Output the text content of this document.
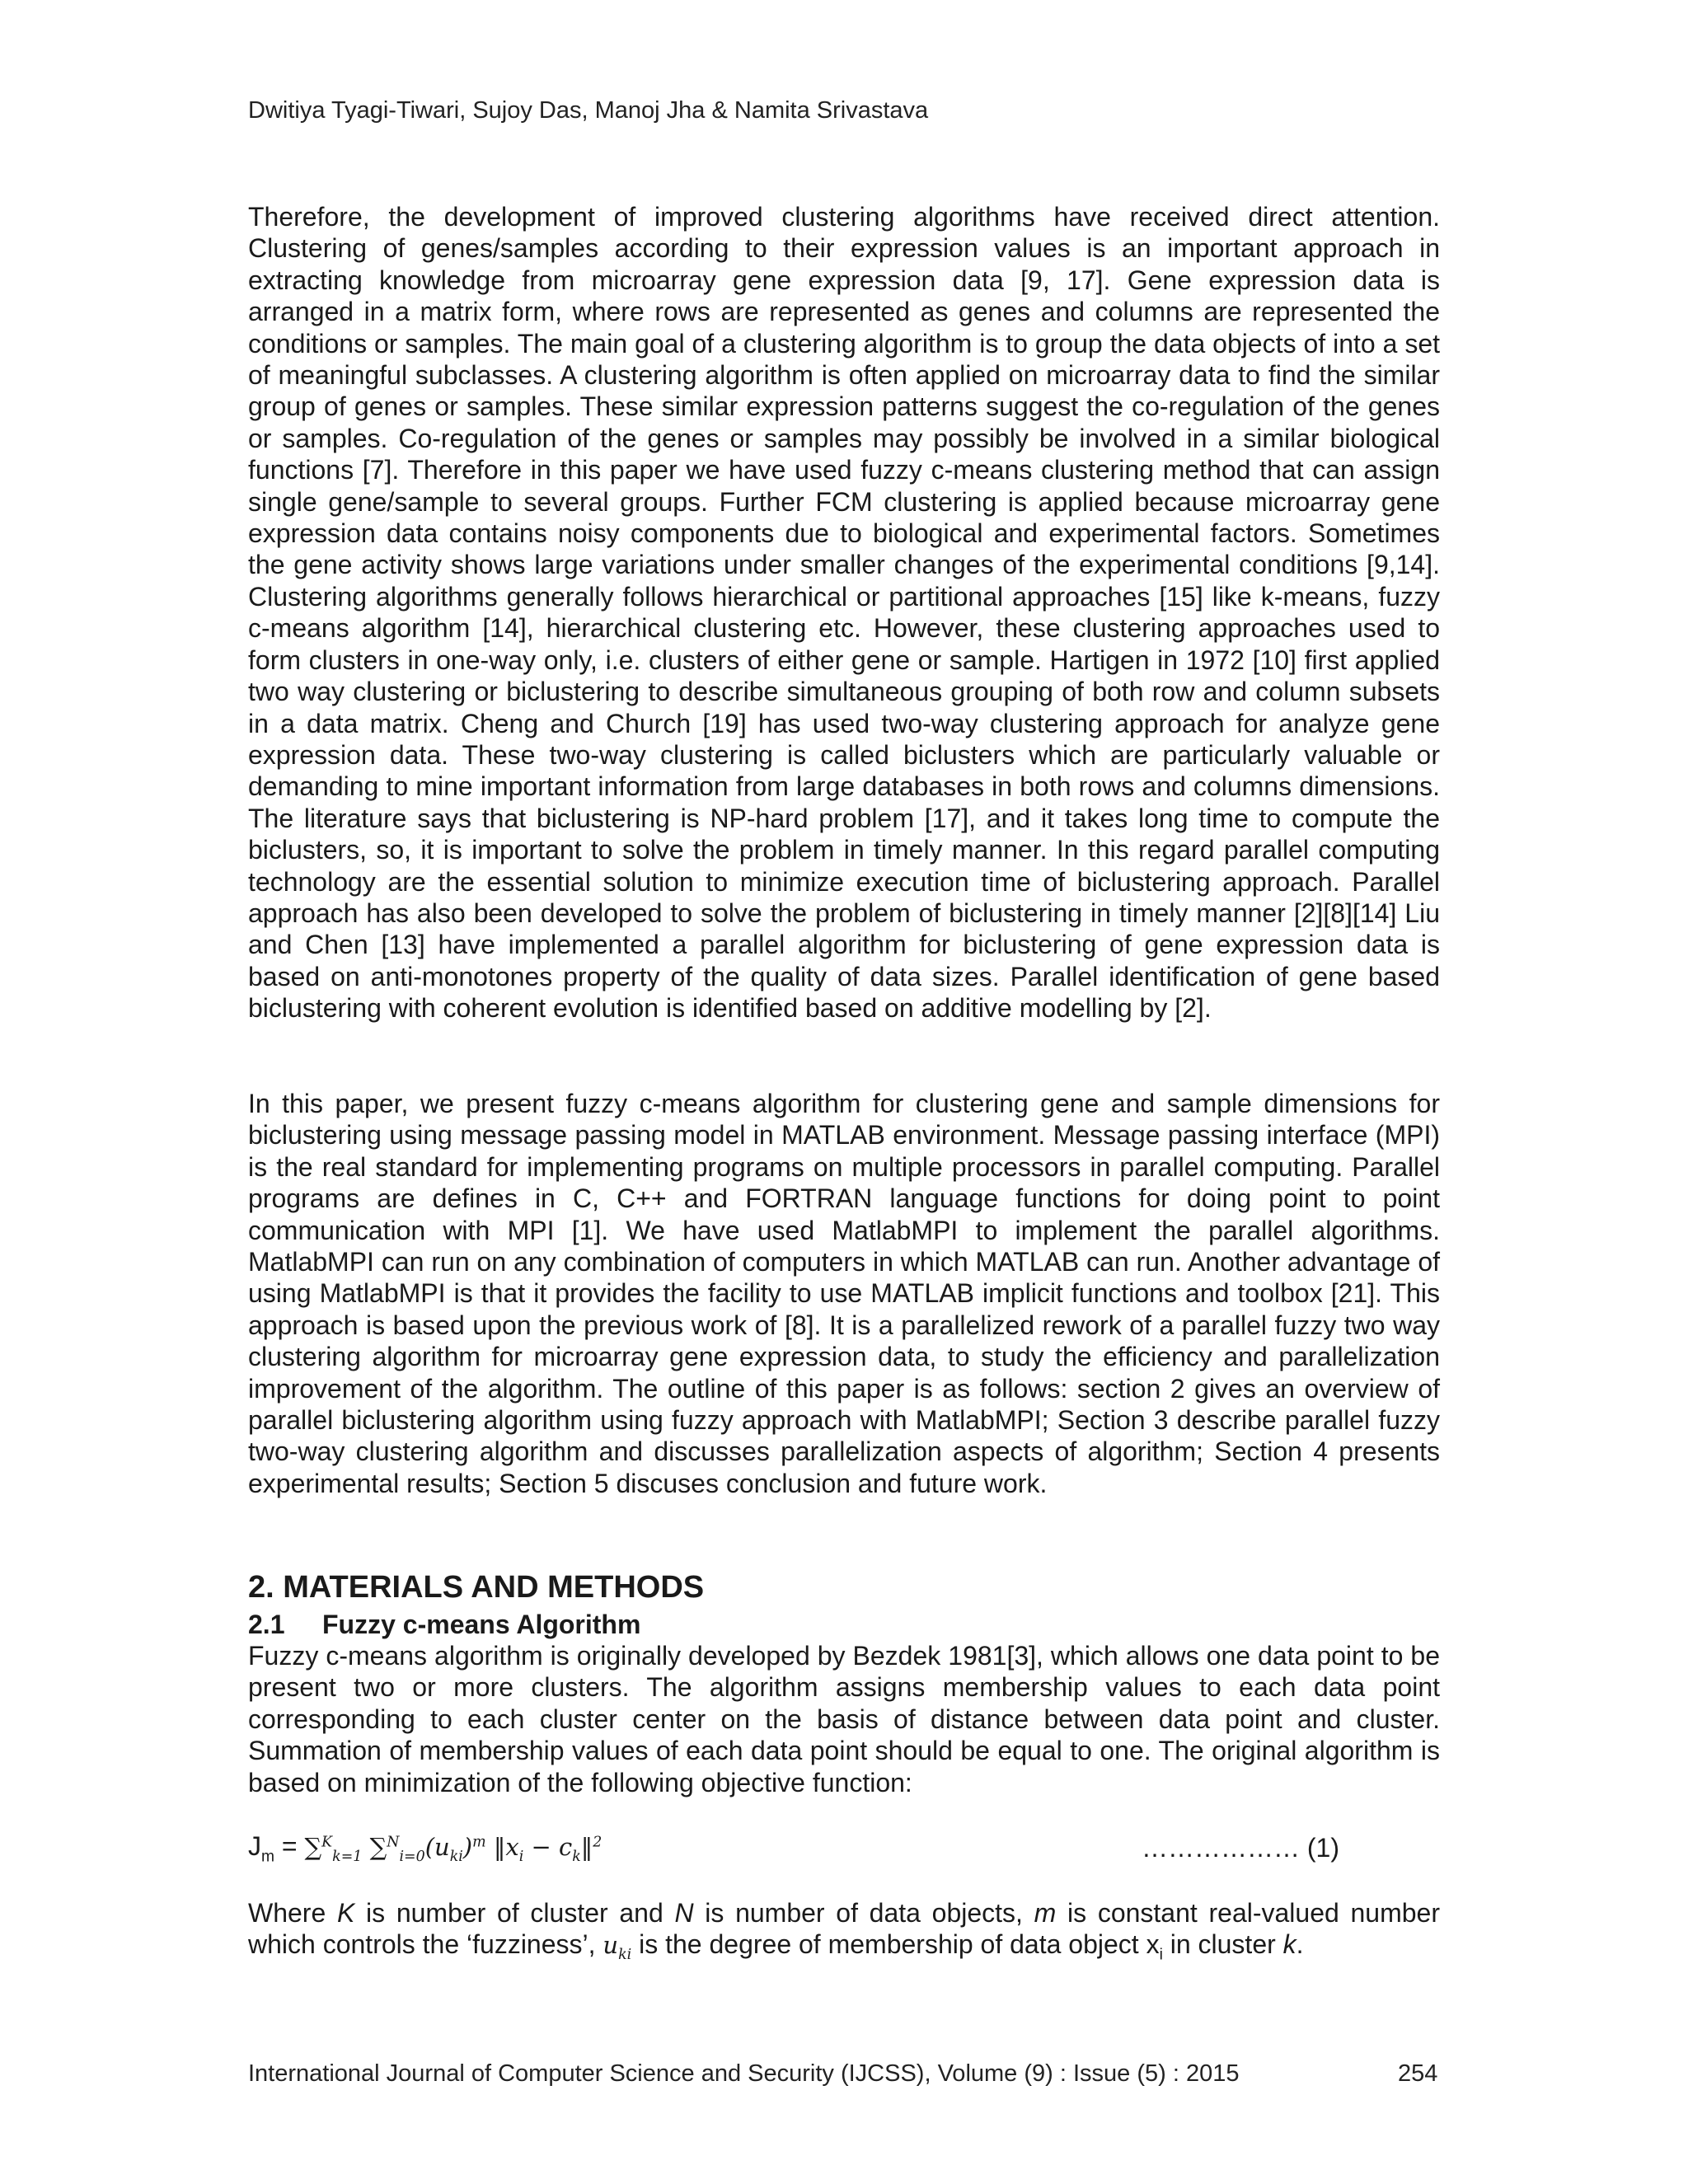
Dwitiya Tyagi-Tiwari, Sujoy Das, Manoj Jha & Namita Srivastava

Therefore, the development of improved clustering algorithms have received direct attention. Clustering of genes/samples according to their expression values is an important approach in extracting knowledge from microarray gene expression data [9, 17]. Gene expression data is arranged in a matrix form, where rows are represented as genes and columns are represented the conditions or samples. The main goal of a clustering algorithm is to group the data objects of into a set of meaningful subclasses. A clustering algorithm is often applied on microarray data to find the similar group of genes or samples. These similar expression patterns suggest the co-regulation of the genes or samples. Co-regulation of the genes or samples may possibly be involved in a similar biological functions [7]. Therefore in this paper we have used fuzzy c-means clustering method that can assign single gene/sample to several groups. Further FCM clustering is applied because microarray gene expression data contains noisy components due to biological and experimental factors. Sometimes the gene activity shows large variations under smaller changes of the experimental conditions [9,14]. Clustering algorithms generally follows hierarchical or partitional approaches [15] like k-means, fuzzy c-means algorithm [14], hierarchical clustering etc. However, these clustering approaches used to form clusters in one-way only, i.e. clusters of either gene or sample. Hartigen in 1972 [10] first applied two way clustering or biclustering to describe simultaneous grouping of both row and column subsets in a data matrix. Cheng and Church [19] has used two-way clustering approach for analyze gene expression data. These two-way clustering is called biclusters which are particularly valuable or demanding to mine important information from large databases in both rows and columns dimensions. The literature says that biclustering is NP-hard problem [17], and it takes long time to compute the biclusters, so, it is important to solve the problem in timely manner. In this regard parallel computing technology are the essential solution to minimize execution time of biclustering approach. Parallel approach has also been developed to solve the problem of biclustering in timely manner [2][8][14] Liu and Chen [13] have implemented a parallel algorithm for biclustering of gene expression data is based on anti-monotones property of the quality of data sizes. Parallel identification of gene based biclustering with coherent evolution is identified based on additive modelling by [2].

In this paper, we present fuzzy c-means algorithm for clustering gene and sample dimensions for biclustering using message passing model in MATLAB environment. Message passing interface (MPI) is the real standard for implementing programs on multiple processors in parallel computing. Parallel programs are defines in C, C++ and FORTRAN language functions for doing point to point communication with MPI [1]. We have used MatlabMPI to implement the parallel algorithms. MatlabMPI can run on any combination of computers in which MATLAB can run. Another advantage of using MatlabMPI is that it provides the facility to use MATLAB implicit functions and toolbox [21]. This approach is based upon the previous work of [8]. It is a parallelized rework of a parallel fuzzy two way clustering algorithm for microarray gene expression data, to study the efficiency and parallelization improvement of the algorithm. The outline of this paper is as follows: section 2 gives an overview of parallel biclustering algorithm using fuzzy approach with MatlabMPI; Section 3 describe parallel fuzzy two-way clustering algorithm and discusses parallelization aspects of algorithm; Section 4 presents experimental results; Section 5 discuses conclusion and future work.

2. MATERIALS AND METHODS
2.1 Fuzzy c-means Algorithm

Fuzzy c-means algorithm is originally developed by Bezdek 1981[3], which allows one data point to be present two or more clusters. The algorithm assigns membership values to each data point corresponding to each cluster center on the basis of distance between data point and cluster. Summation of membership values of each data point should be equal to one. The original algorithm is based on minimization of the following objective function:

$J_m = \sum^K_{k=1}$ $\sum^N_{i=0}(u_{ki})^m$ $‖x_i$ − $c_k‖^2$	……………… (1)

Where K is number of cluster and N is number of data objects, m is constant real-valued number which controls the ‘fuzziness’, $u_{ki}$ is the degree of membership of data object $x_i$ in cluster k.

International Journal of Computer Science and Security (IJCSS), Volume (9) : Issue (5) : 2015	254
